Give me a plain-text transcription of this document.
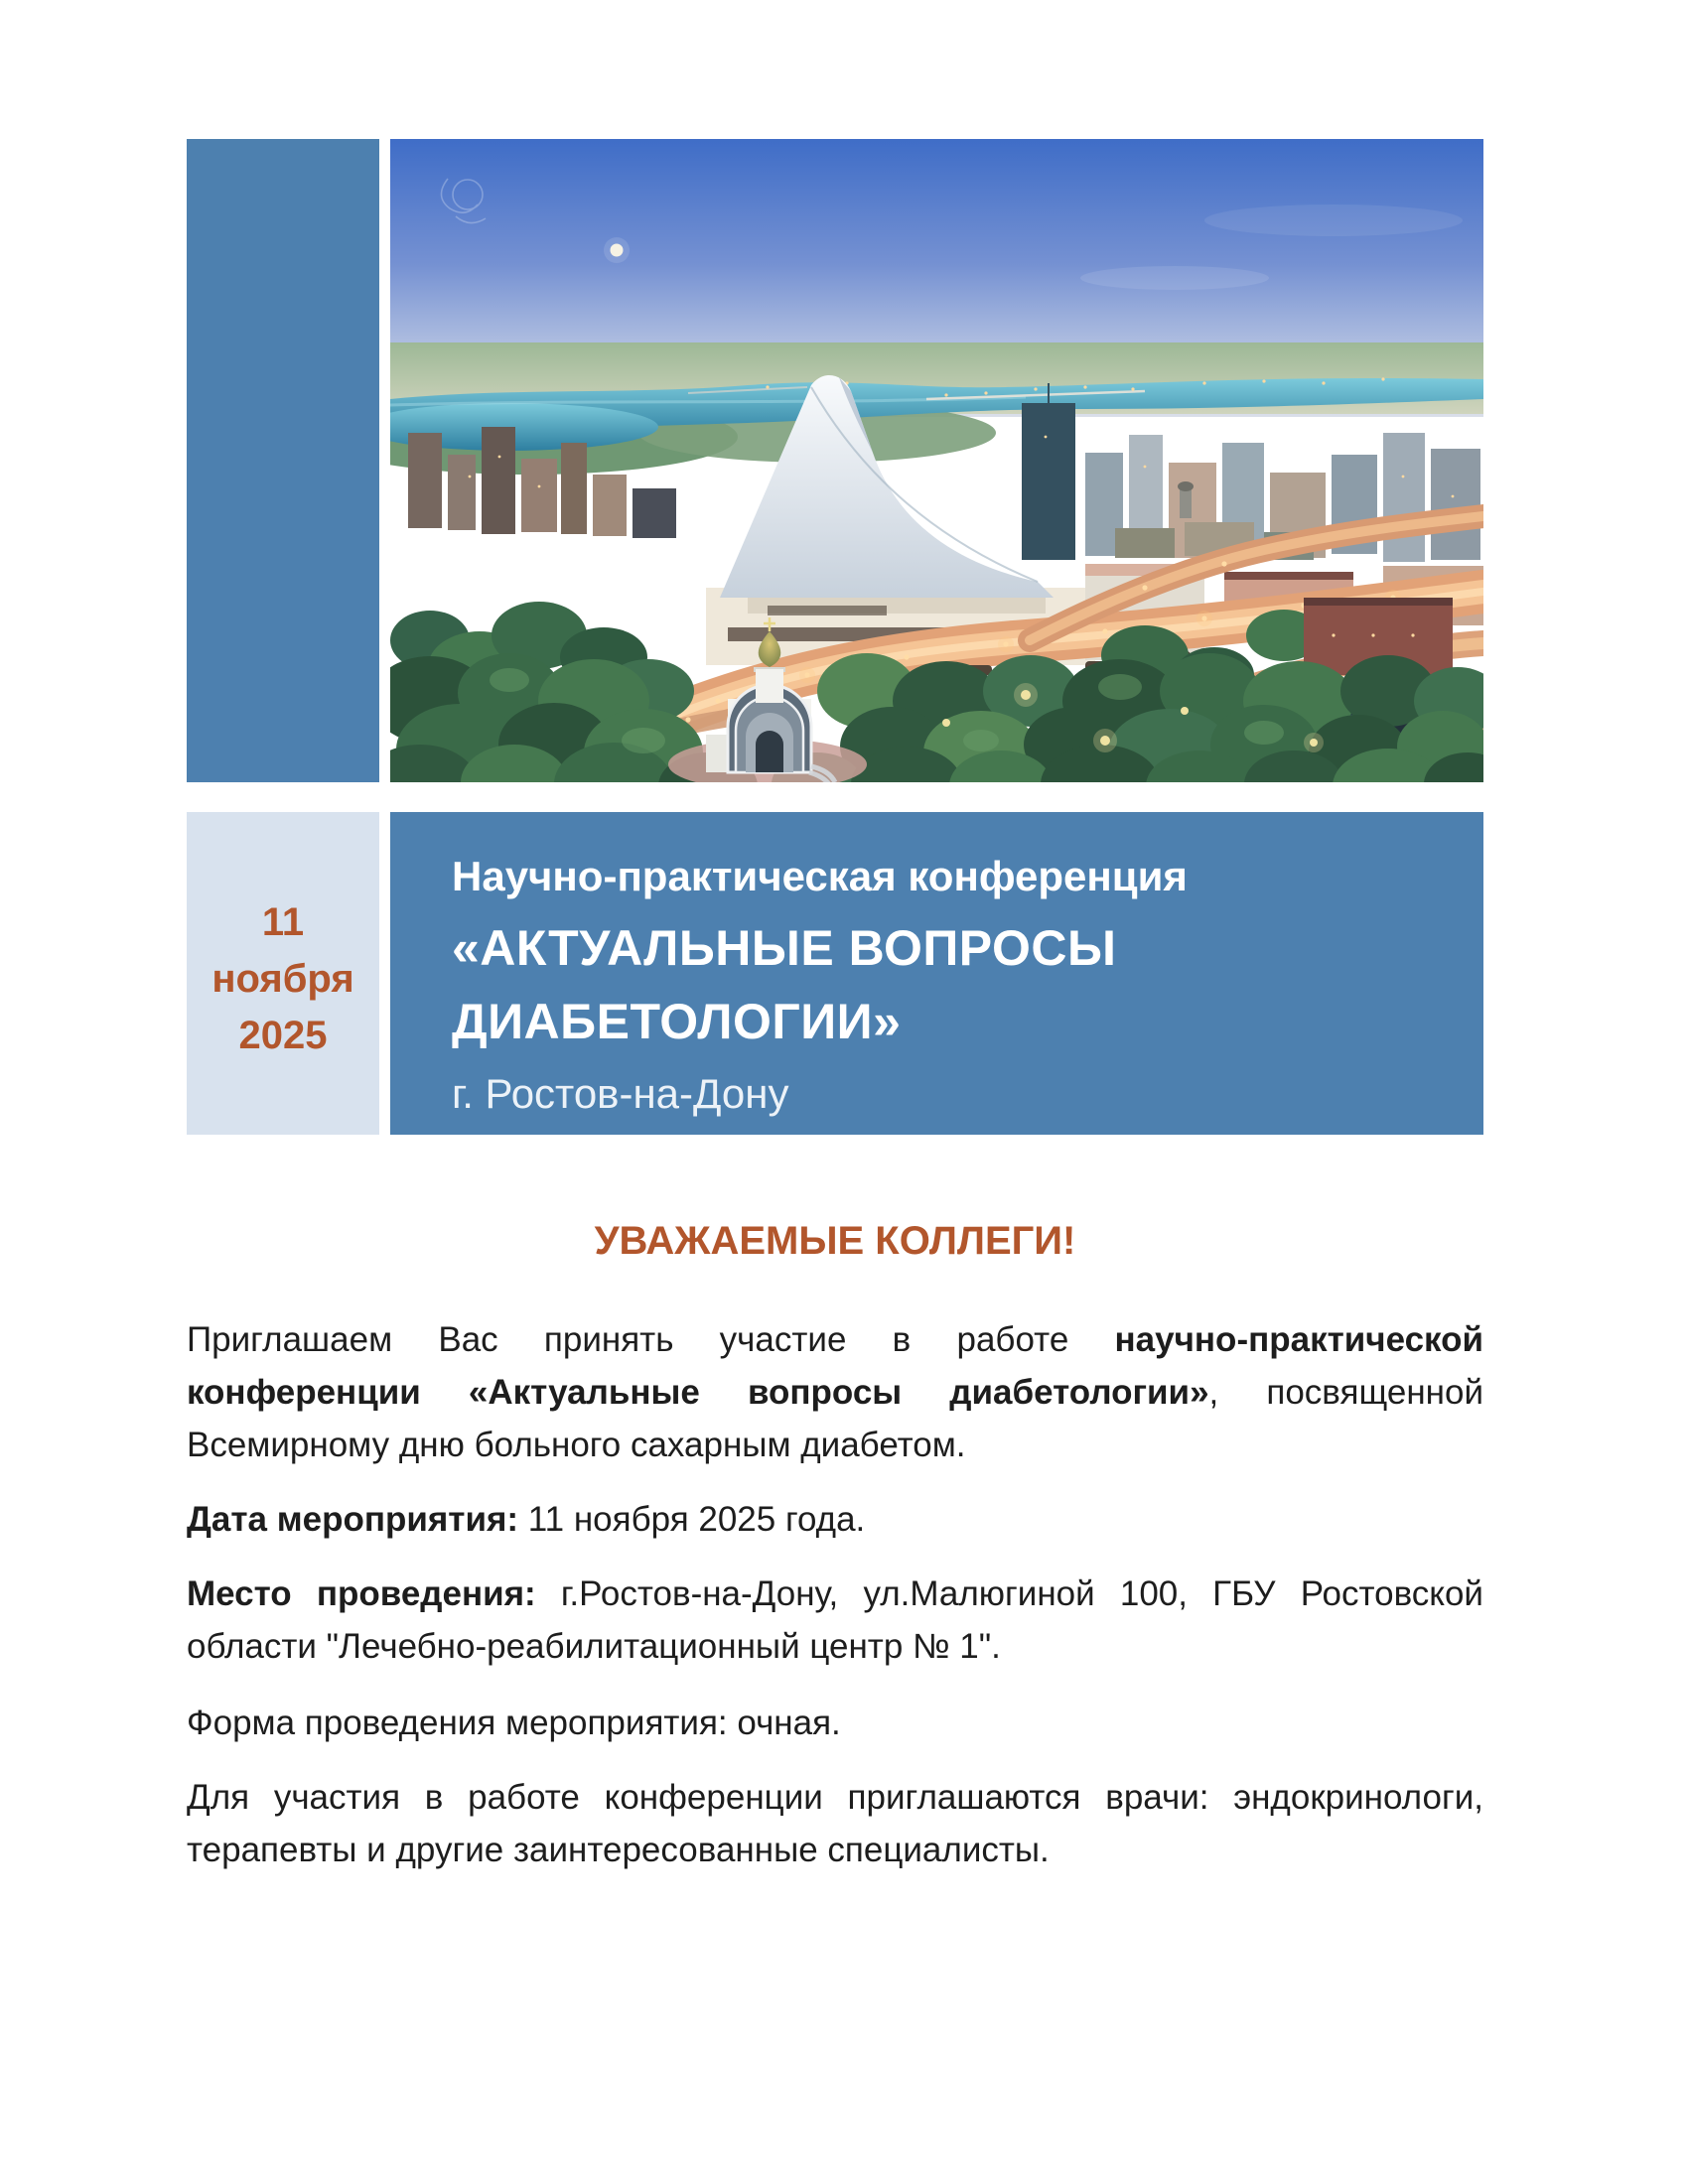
11
ноября
2025
Научно-практическая конференция
«АКТУАЛЬНЫЕ ВОПРОСЫ
ДИАБЕТОЛОГИИ»
г. Ростов-на-Дону
УВАЖАЕМЫЕ КОЛЛЕГИ!

Приглашаем Вас принять участие в работе научно-практической конференции «Актуальные вопросы диабетологии», посвященной Всемирному дню больного сахарным диабетом.

Дата мероприятия: 11 ноября 2025 года.

Место проведения: г.Ростов-на-Дону, ул.Малюгиной 100, ГБУ Ростовской области "Лечебно-реабилитационный центр № 1".

Форма проведения мероприятия: очная.

Для участия в работе конференции приглашаются врачи: эндокринологи, терапевты и другие заинтересованные специалисты.
